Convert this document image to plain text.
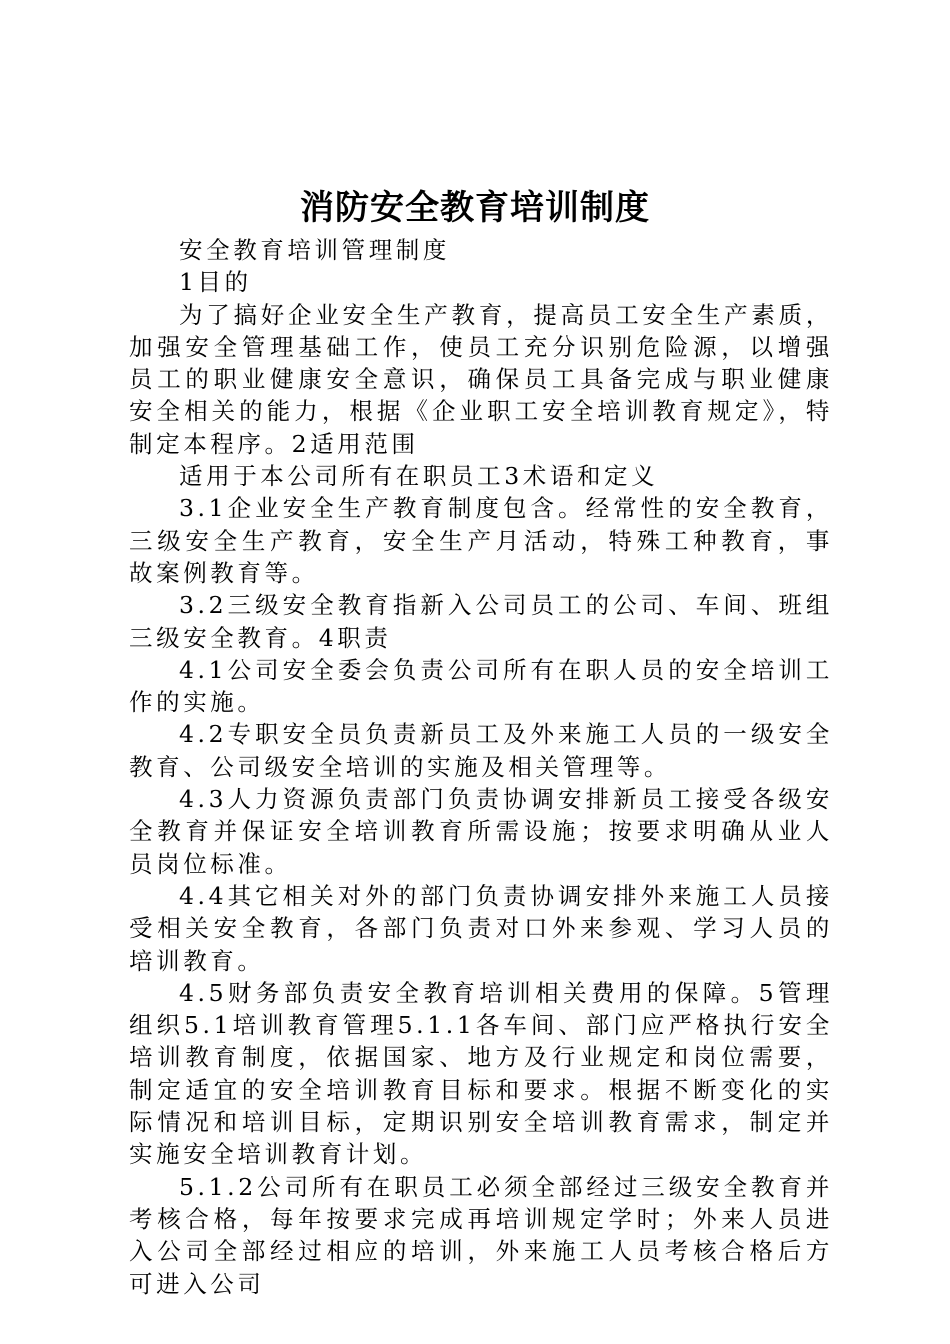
消防安全教育培训制度

安全教育培训管理制度

1目的

为了搞好企业安全生产教育，提高员工安全生产素质，加强安全管理基础工作，使员工充分识别危险源，以增强员工的职业健康安全意识，确保员工具备完成与职业健康安全相关的能力，根据《企业职工安全培训教育规定》，特制定本程序。2适用范围

适用于本公司所有在职员工3术语和定义

3.1企业安全生产教育制度包含。经常性的安全教育，三级安全生产教育，安全生产月活动，特殊工种教育，事故案例教育等。

3.2三级安全教育指新入公司员工的公司、车间、班组三级安全教育。4职责

4.1公司安全委会负责公司所有在职人员的安全培训工作的实施。

4.2专职安全员负责新员工及外来施工人员的一级安全教育、公司级安全培训的实施及相关管理等。

4.3人力资源负责部门负责协调安排新员工接受各级安全教育并保证安全培训教育所需设施；按要求明确从业人员岗位标准。

4.4其它相关对外的部门负责协调安排外来施工人员接受相关安全教育，各部门负责对口外来参观、学习人员的培训教育。

4.5财务部负责安全教育培训相关费用的保障。5管理组织5.1培训教育管理5.1.1各车间、部门应严格执行安全培训教育制度，依据国家、地方及行业规定和岗位需要，制定适宜的安全培训教育目标和要求。根据不断变化的实际情况和培训目标，定期识别安全培训教育需求，制定并实施安全培训教育计划。

5.1.2公司所有在职员工必须全部经过三级安全教育并考核合格，每年按要求完成再培训规定学时；外来人员进入公司全部经过相应的培训，外来施工人员考核合格后方可进入公司
